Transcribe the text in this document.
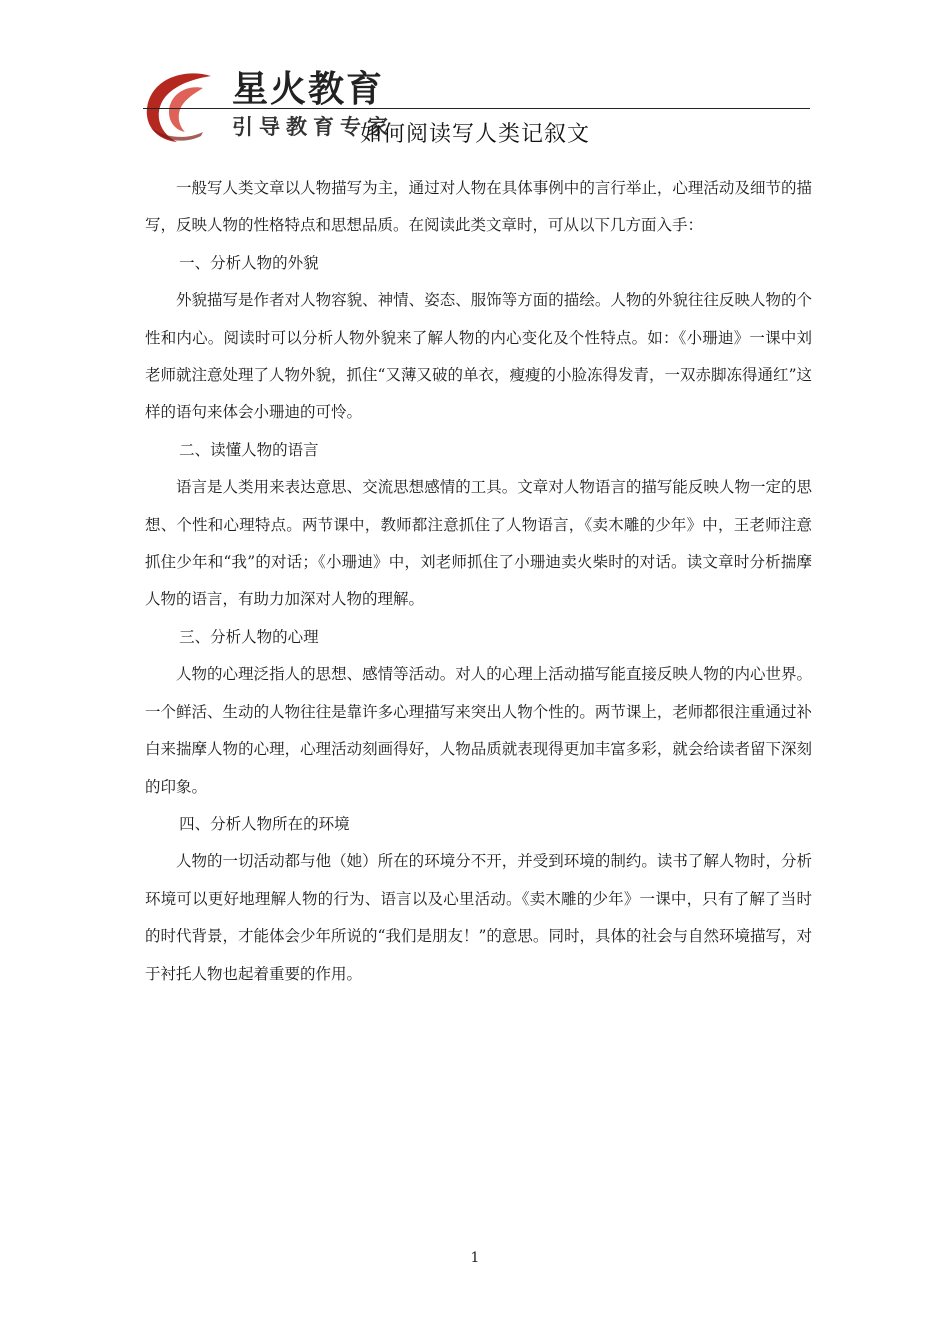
星火教育
引导教育专家
如何阅读写人类记叙文

一般写人类文章以人物描写为主，通过对人物在具体事例中的言行举止，心理活动及细节的描写，反映人物的性格特点和思想品质。在阅读此类文章时，可从以下几方面入手：

一、分析人物的外貌

外貌描写是作者对人物容貌、神情、姿态、服饰等方面的描绘。人物的外貌往往反映人物的个性和内心。阅读时可以分析人物外貌来了解人物的内心变化及个性特点。如：《小珊迪》一课中刘老师就注意处理了人物外貌，抓住“又薄又破的单衣，瘦瘦的小脸冻得发青，一双赤脚冻得通红”这样的语句来体会小珊迪的可怜。

二、读懂人物的语言

语言是人类用来表达意思、交流思想感情的工具。文章对人物语言的描写能反映人物一定的思想、个性和心理特点。两节课中，教师都注意抓住了人物语言，《卖木雕的少年》中，王老师注意抓住少年和“我”的对话；《小珊迪》中，刘老师抓住了小珊迪卖火柴时的对话。读文章时分析揣摩人物的语言，有助力加深对人物的理解。

三、分析人物的心理

人物的心理泛指人的思想、感情等活动。对人的心理上活动描写能直接反映人物的内心世界。一个鲜活、生动的人物往往是靠许多心理描写来突出人物个性的。两节课上，老师都很注重通过补白来揣摩人物的心理，心理活动刻画得好，人物品质就表现得更加丰富多彩，就会给读者留下深刻的印象。

四、分析人物所在的环境

人物的一切活动都与他（她）所在的环境分不开，并受到环境的制约。读书了解人物时，分析环境可以更好地理解人物的行为、语言以及心里活动。《卖木雕的少年》一课中，只有了解了当时的时代背景，才能体会少年所说的“我们是朋友！”的意思。同时，具体的社会与自然环境描写，对于衬托人物也起着重要的作用。

1
